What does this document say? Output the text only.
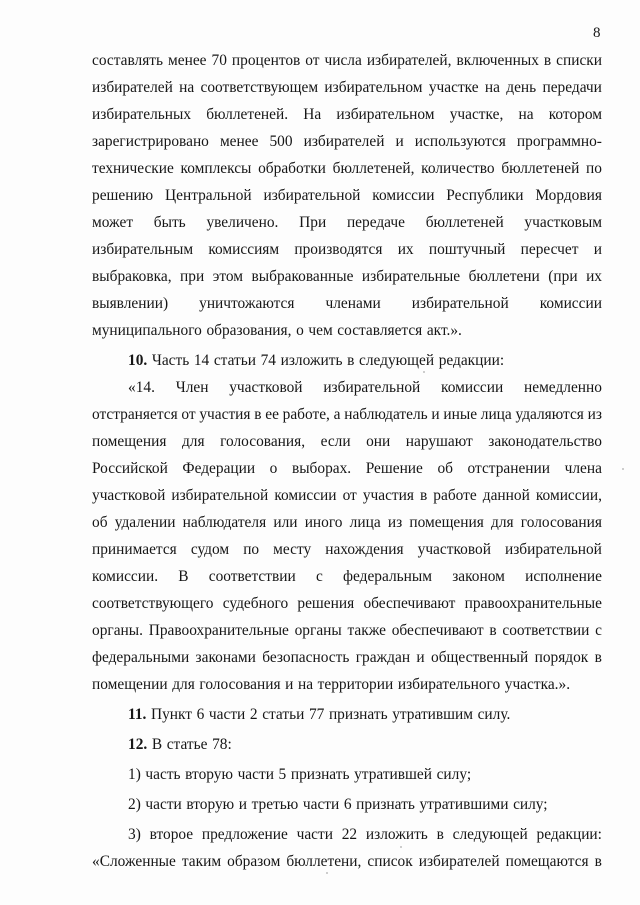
8
составлять менее 70 процентов от числа избирателей, включенных в списки
избирателей на соответствующем избирательном участке на день передачи
избирательных бюллетеней. На избирательном участке, на котором
зарегистрировано менее 500 избирателей и используются программно-
технические комплексы обработки бюллетеней, количество бюллетеней по
решению Центральной избирательной комиссии Республики Мордовия
может быть увеличено. При передаче бюллетеней участковым
избирательным комиссиям производятся их поштучный пересчет и
выбраковка, при этом выбракованные избирательные бюллетени (при их
выявлении) уничтожаются членами избирательной комиссии
муниципального образования, о чем составляется акт.».
10. Часть 14 статьи 74 изложить в следующей редакции:
«14. Член участковой избирательной комиссии немедленно
отстраняется от участия в ее работе, а наблюдатель и иные лица удаляются из
помещения для голосования, если они нарушают законодательство
Российской Федерации о выборах. Решение об отстранении члена
участковой избирательной комиссии от участия в работе данной комиссии,
об удалении наблюдателя или иного лица из помещения для голосования
принимается судом по месту нахождения участковой избирательной
комиссии. В соответствии с федеральным законом исполнение
соответствующего судебного решения обеспечивают правоохранительные
органы. Правоохранительные органы также обеспечивают в соответствии с
федеральными законами безопасность граждан и общественный порядок в
помещении для голосования и на территории избирательного участка.».
11. Пункт 6 части 2 статьи 77 признать утратившим силу.
12. В статье 78:
1) часть вторую части 5 признать утратившей силу;
2) части вторую и третью части 6 признать утратившими силу;
3) второе предложение части 22 изложить в следующей редакции:
«Сложенные таким образом бюллетени, список избирателей помещаются в
